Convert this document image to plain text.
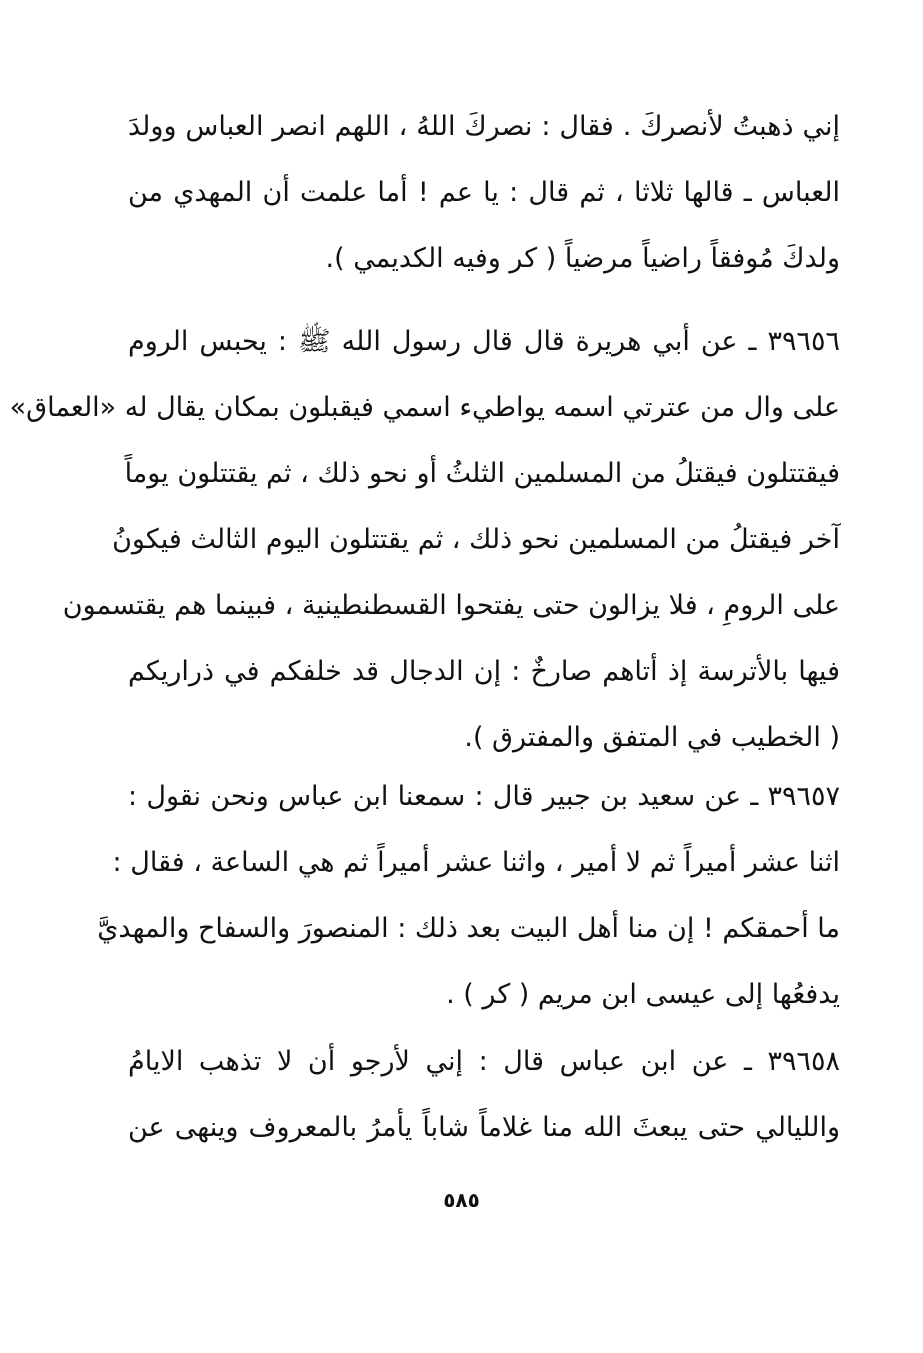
إني ذهبتُ لأنصركَ . فقال : نصركَ اللهُ ، اللهم انصر العباس وولدَ
العباس ـ قالها ثلاثا ، ثم قال : يا عم ! أما علمت أن المهدي من
ولدكَ مُوفقاً راضياً مرضياً ( كر وفيه الكديمي ).
٣٩٦٥٦ ـ عن أبي هريرة قال قال رسول الله ﷺ : يحبس الروم
على وال من عترتي اسمه يواطيء اسمي فيقبلون بمكان يقال له «العماق»
فيقتتلون فيقتلُ من المسلمين الثلثُ أو نحو ذلك ، ثم يقتتلون يوماً
آخر فيقتلُ من المسلمين نحو ذلك ، ثم يقتتلون اليوم الثالث فيكونُ
على الرومِ ، فلا يزالون حتى يفتحوا القسطنطينية ، فبينما هم يقتسمون
فيها بالأترسة إذ أتاهم صارخٌ : إن الدجال قد خلفكم في ذراريكم
( الخطيب في المتفق والمفترق ).
٣٩٦٥٧ ـ عن سعيد بن جبير قال : سمعنا ابن عباس ونحن نقول :
اثنا عشر أميراً ثم لا أمير ، واثنا عشر أميراً ثم هي الساعة ، فقال :
ما أحمقكم ! إن منا أهل البيت بعد ذلك : المنصورَ والسفاح والمهديَّ
يدفعُها إلى عيسى ابن مريم ( كر ) .
٣٩٦٥٨ ـ عن ابن عباس قال : إني لأرجو أن لا تذهب الايامُ
والليالي حتى يبعثَ الله منا غلاماً شاباً يأمرُ بالمعروف وينهى عن
٥٨٥
